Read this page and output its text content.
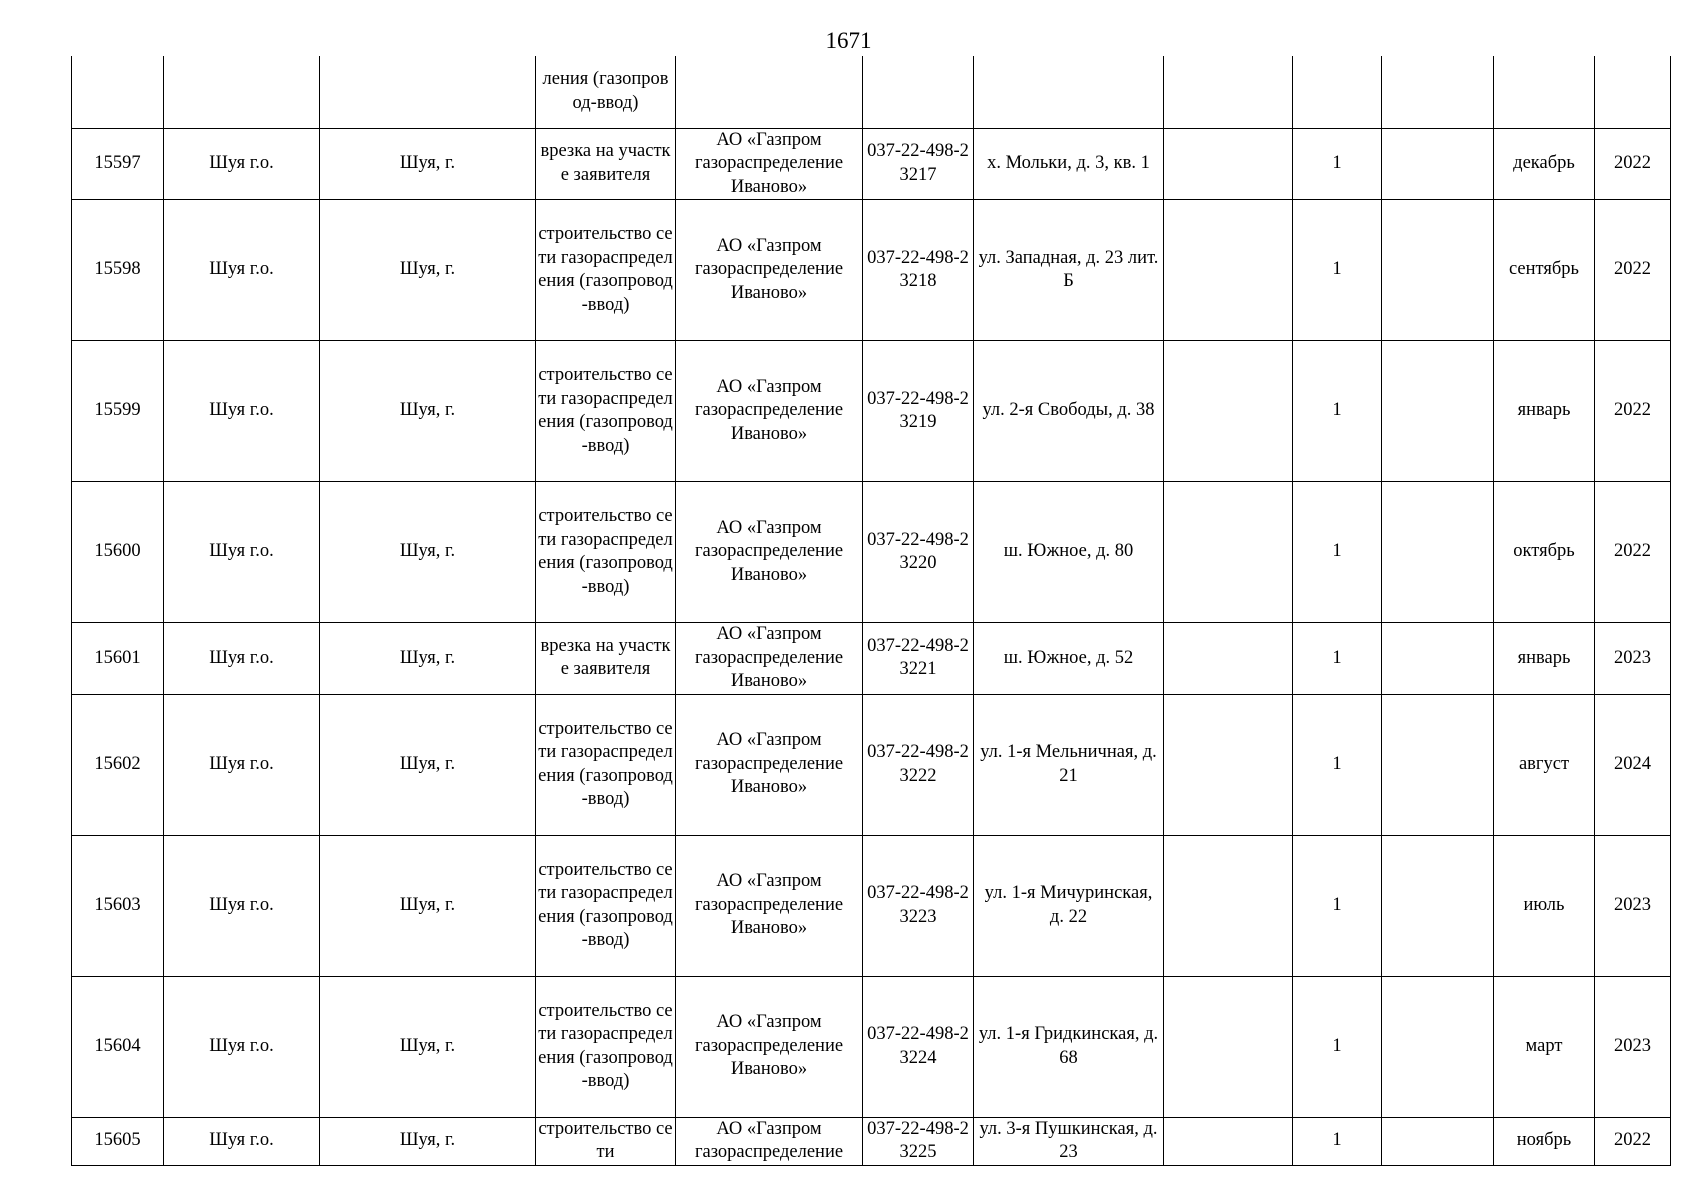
1671
			ления (газопровод-ввод)								
15597	Шуя г.о.	Шуя, г.	врезка на участке заявителя	АО «Газпром газораспределение Иваново»	037-22-498-23217	х. Мольки, д. 3, кв. 1		1		декабрь	2022
15598	Шуя г.о.	Шуя, г.	строительство сети газораспределения (газопровод-ввод)	АО «Газпром газораспределение Иваново»	037-22-498-23218	ул. Западная, д. 23 лит. Б		1		сентябрь	2022
15599	Шуя г.о.	Шуя, г.	строительство сети газораспределения (газопровод-ввод)	АО «Газпром газораспределение Иваново»	037-22-498-23219	ул. 2-я Свободы, д. 38		1		январь	2022
15600	Шуя г.о.	Шуя, г.	строительство сети газораспределения (газопровод-ввод)	АО «Газпром газораспределение Иваново»	037-22-498-23220	ш. Южное, д. 80		1		октябрь	2022
15601	Шуя г.о.	Шуя, г.	врезка на участке заявителя	АО «Газпром газораспределение Иваново»	037-22-498-23221	ш. Южное, д. 52		1		январь	2023
15602	Шуя г.о.	Шуя, г.	строительство сети газораспределения (газопровод-ввод)	АО «Газпром газораспределение Иваново»	037-22-498-23222	ул. 1-я Мельничная, д. 21		1		август	2024
15603	Шуя г.о.	Шуя, г.	строительство сети газораспределения (газопровод-ввод)	АО «Газпром газораспределение Иваново»	037-22-498-23223	ул. 1-я Мичуринская, д. 22		1		июль	2023
15604	Шуя г.о.	Шуя, г.	строительство сети газораспределения (газопровод-ввод)	АО «Газпром газораспределение Иваново»	037-22-498-23224	ул. 1-я Гридкинская, д. 68		1		март	2023
15605	Шуя г.о.	Шуя, г.	строительство сети	АО «Газпром газораспределение	037-22-498-23225	ул. 3-я Пушкинская, д. 23		1		ноябрь	2022
